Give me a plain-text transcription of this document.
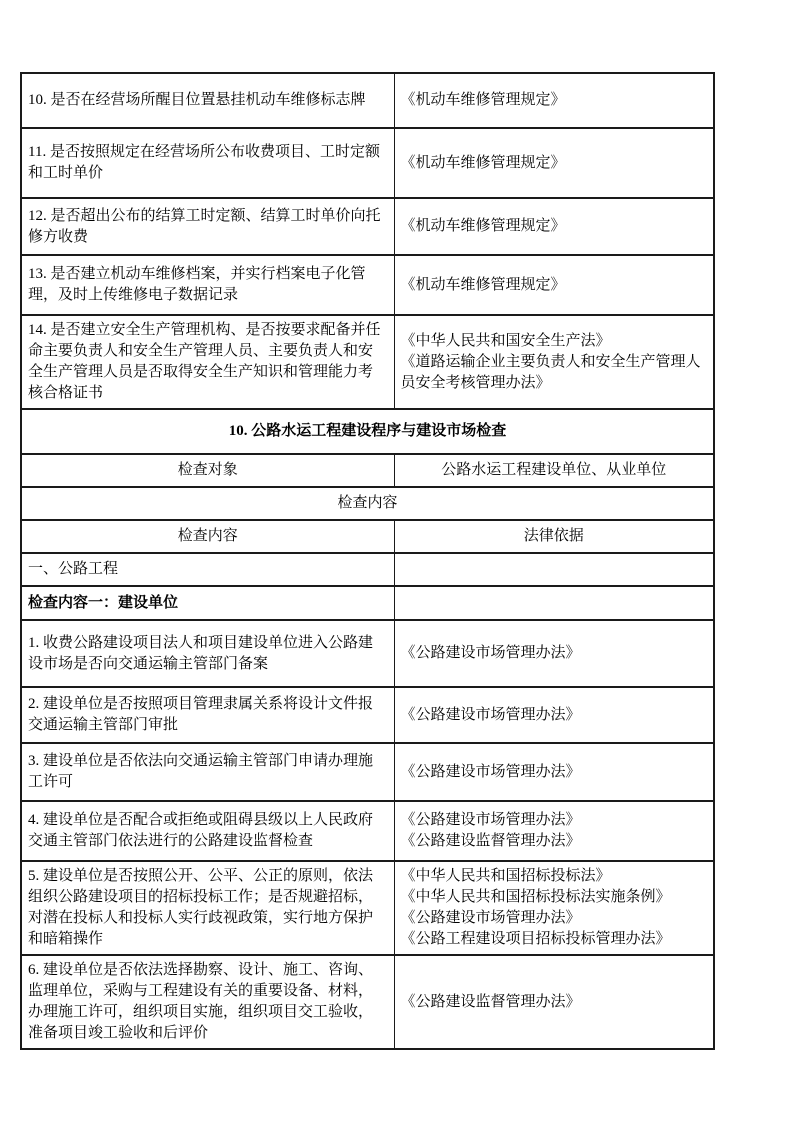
10. 是否在经营场所醒目位置悬挂机动车维修标志牌	《机动车维修管理规定》

11. 是否按照规定在经营场所公布收费项目、工时定额和工时单价	《机动车维修管理规定》

12. 是否超出公布的结算工时定额、结算工时单价向托修方收费	《机动车维修管理规定》

13. 是否建立机动车维修档案，并实行档案电子化管理，及时上传维修电子数据记录	《机动车维修管理规定》

14. 是否建立安全生产管理机构、是否按要求配备并任命主要负责人和安全生产管理人员、主要负责人和安全生产管理人员是否取得安全生产知识和管理能力考核合格证书	《中华人民共和国安全生产法》
《道路运输企业主要负责人和安全生产管理人员安全考核管理办法》

10. 公路水运工程建设程序与建设市场检查	
检查对象	公路水运工程建设单位、从业单位
检查内容	
检查内容	法律依据
一、公路工程	
检查内容一：建设单位	
1. 收费公路建设项目法人和项目建设单位进入公路建设市场是否向交通运输主管部门备案	《公路建设市场管理办法》

2. 建设单位是否按照项目管理隶属关系将设计文件报交通运输主管部门审批	《公路建设市场管理办法》

3. 建设单位是否依法向交通运输主管部门申请办理施工许可	《公路建设市场管理办法》

4. 建设单位是否配合或拒绝或阻碍县级以上人民政府交通主管部门依法进行的公路建设监督检查	《公路建设市场管理办法》
《公路建设监督管理办法》

5. 建设单位是否按照公开、公平、公正的原则，依法组织公路建设项目的招标投标工作；是否规避招标，对潜在投标人和投标人实行歧视政策，实行地方保护和暗箱操作	《中华人民共和国招标投标法》
《中华人民共和国招标投标法实施条例》
《公路建设市场管理办法》
《公路工程建设项目招标投标管理办法》

6. 建设单位是否依法选择勘察、设计、施工、咨询、监理单位，采购与工程建设有关的重要设备、材料，办理施工许可，组织项目实施，组织项目交工验收，准备项目竣工验收和后评价	《公路建设监督管理办法》
